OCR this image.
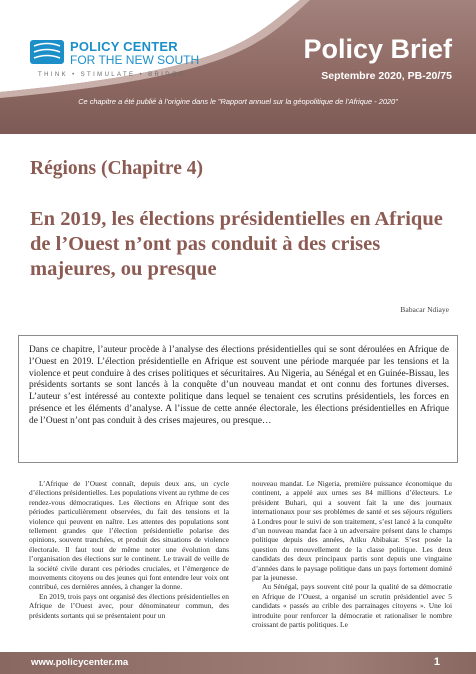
POLICY CENTER
FOR THE NEW SOUTH
THINK • STIMULATE • BRIDGE
Policy Brief
Septembre 2020, PB-20/75
Ce chapitre a été publié à l’origine dans le "Rapport annuel sur la géopolitique de l’Afrique - 2020"
Régions (Chapitre 4)
En 2019, les élections présidentielles en Afrique de l’Ouest n’ont pas conduit à des crises majeures, ou presque
Babacar Ndiaye
Dans ce chapitre, l’auteur procède à l’analyse des élections présidentielles qui se sont déroulées en Afrique de l’Ouest en 2019. L’élection présidentielle en Afrique est souvent une période marquée par les tensions et la violence et peut conduire à des crises politiques et sécuritaires. Au Nigeria, au Sénégal et en Guinée-Bissau, les présidents sortants se sont lancés à la conquête d’un nouveau mandat et ont connu des fortunes diverses. L’auteur s’est intéressé au contexte politique dans lequel se tenaient ces scrutins présidentiels, les forces en présence et les éléments d’analyse. A l’issue de cette année électorale, les élections présidentielles en Afrique de l’Ouest n’ont pas conduit à des crises majeures, ou presque…

L’Afrique de l’Ouest connaît, depuis deux ans, un cycle d’élections présidentielles. Les populations vivent au rythme de ces rendez-vous démocratiques. Les élections en Afrique sont des périodes particulièrement observées, du fait des tensions et la violence qui peuvent en naître. Les attentes des populations sont tellement grandes que l’élection présidentielle polarise des opinions, souvent tranchées, et produit des situations de violence électorale. Il faut tout de même noter une évolution dans l’organisation des élections sur le continent. Le travail de veille de la société civile durant ces périodes cruciales, et l’émergence de mouvements citoyens ou des jeunes qui font entendre leur voix ont contribué, ces dernières années, à changer la donne.

En 2019, trois pays ont organisé des élections présidentielles en Afrique de l’Ouest avec, pour dénominateur commun, des présidents sortants qui se présentaient pour un

nouveau mandat. Le Nigeria, première puissance économique du continent, a appelé aux urnes ses 84 millions d’électeurs. Le président Buhari, qui a souvent fait la une des journaux internationaux pour ses problèmes de santé et ses séjours réguliers à Londres pour le suivi de son traitement, s’est lancé à la conquête d’un nouveau mandat face à un adversaire présent dans le champs politique depuis des années, Atiku Abibakar. S’est posée la question du renouvellement de la classe politique. Les deux candidats des deux principaux partis sont depuis une vingtaine d’années dans le paysage politique dans un pays fortement dominé par la jeunesse.

Au Sénégal, pays souvent cité pour la qualité de sa démocratie en Afrique de l’Ouest, a organisé un scrutin présidentiel avec 5 candidats « passés au crible des parrainages citoyens ». Une loi introduite pour renforcer la démocratie et rationaliser le nombre croissant de partis politiques. Le

www.policycenter.ma	1
